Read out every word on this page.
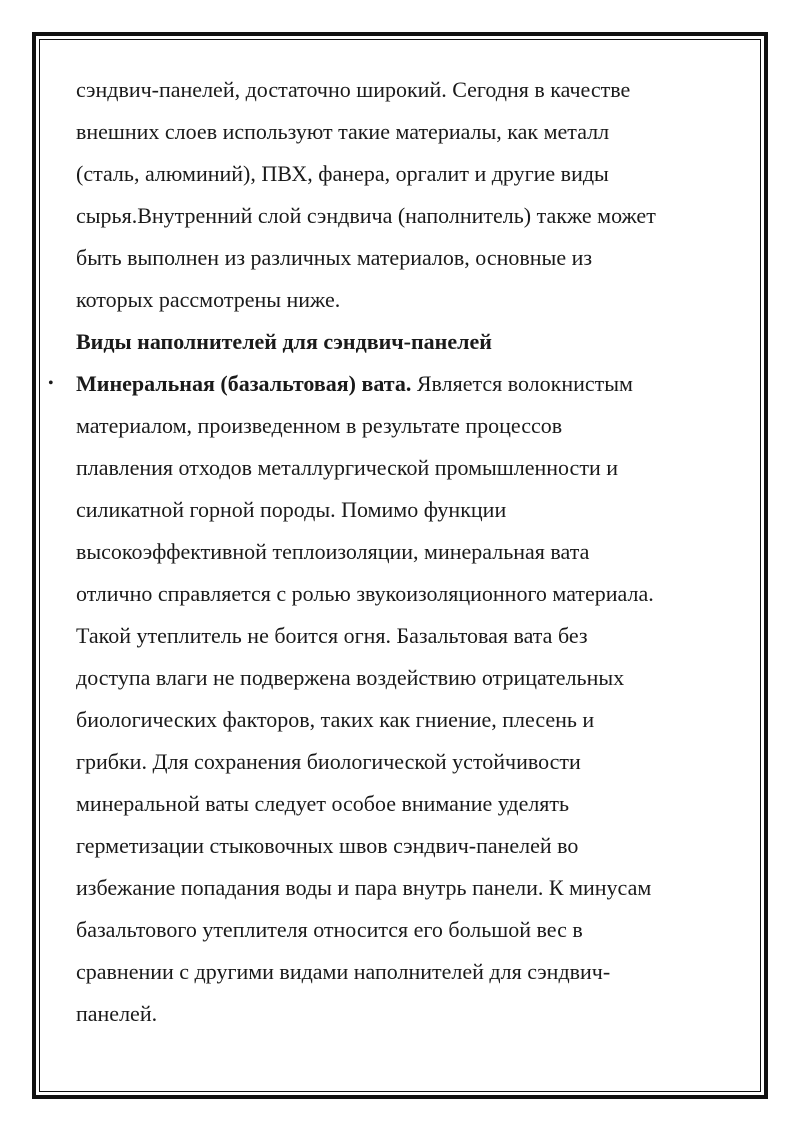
сэндвич-панелей, достаточно широкий. Сегодня в качестве
внешних слоев используют такие материалы, как металл
(сталь, алюминий), ПВХ, фанера, оргалит и другие виды
сырья.Внутренний слой сэндвича (наполнитель) также может
быть выполнен из различных материалов, основные из
которых рассмотрены ниже.
Виды наполнителей для сэндвич-панелей
• Минеральная (базальтовая) вата. Является волокнистым
материалом, произведенном в результате процессов
плавления отходов металлургической промышленности и
силикатной горной породы. Помимо функции
высокоэффективной теплоизоляции, минеральная вата
отлично справляется с ролью звукоизоляционного материала.
Такой утеплитель не боится огня. Базальтовая вата без
доступа влаги не подвержена воздействию отрицательных
биологических факторов, таких как гниение, плесень и
грибки. Для сохранения биологической устойчивости
минеральной ваты следует особое внимание уделять
герметизации стыковочных швов сэндвич-панелей во
избежание попадания воды и пара внутрь панели. К минусам
базальтового утеплителя относится его большой вес в
сравнении с другими видами наполнителей для сэндвич-
панелей.
